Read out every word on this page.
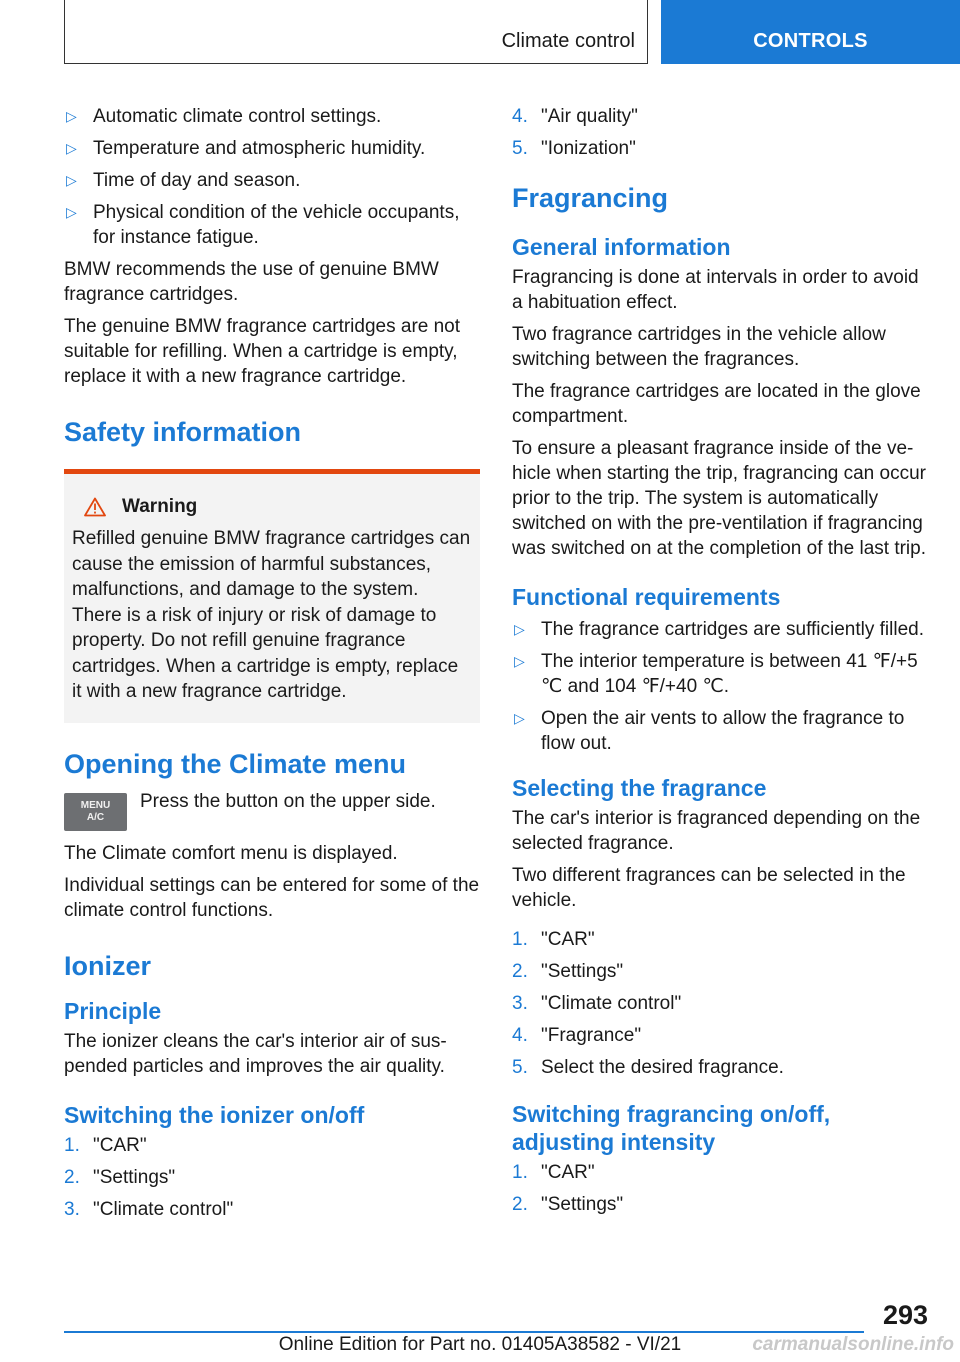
Climate control	CONTROLS
▷ Automatic climate control settings.
▷ Temperature and atmospheric humidity.
▷ Time of day and season.
▷ Physical condition of the vehicle occupants, for instance fatigue.

BMW recommends the use of genuine BMW fragrance cartridges.

The genuine BMW fragrance cartridges are not suitable for refilling. When a cartridge is empty, replace it with a new fragrance cartridge.

Safety information
Warning

Refilled genuine BMW fragrance cartridges can cause the emission of harmful substances, malfunctions, and damage to the system. There is a risk of injury or risk of damage to property. Do not refill genuine fragrance cartridges. When a cartridge is empty, replace it with a new fragrance cartridge.

Opening the Climate menu
MENU
A/C
Press the button on the upper side.

The Climate comfort menu is displayed.

Individual settings can be entered for some of the climate control functions.

Ionizer
Principle

The ionizer cleans the car's interior air of suspended particles and improves the air quality.

Switching the ionizer on/off
1. "CAR"
2. "Settings"
3. "Climate control"
4. "Air quality"
5. "Ionization"
Fragrancing
General information

Fragrancing is done at intervals in order to avoid a habituation effect.

Two fragrance cartridges in the vehicle allow switching between the fragrances.

The fragrance cartridges are located in the glove compartment.

To ensure a pleasant fragrance inside of the vehicle when starting the trip, fragrancing can occur prior to the trip. The system is automatically switched on with the pre-ventilation if fragrancing was switched on at the completion of the last trip.

Functional requirements
▷ The fragrance cartridges are sufficiently filled.
▷ The interior temperature is between 41 ℉/+5 ℃ and 104 ℉/+40 ℃.
▷ Open the air vents to allow the fragrance to flow out.
Selecting the fragrance

The car's interior is fragranced depending on the selected fragrance.

Two different fragrances can be selected in the vehicle.

1. "CAR"
2. "Settings"
3. "Climate control"
4. "Fragrance"
5. Select the desired fragrance.
Switching fragrancing on/off, adjusting intensity
1. "CAR"
2. "Settings"
293
Online Edition for Part no. 01405A38582 - VI/21	carmanualsonline.info
